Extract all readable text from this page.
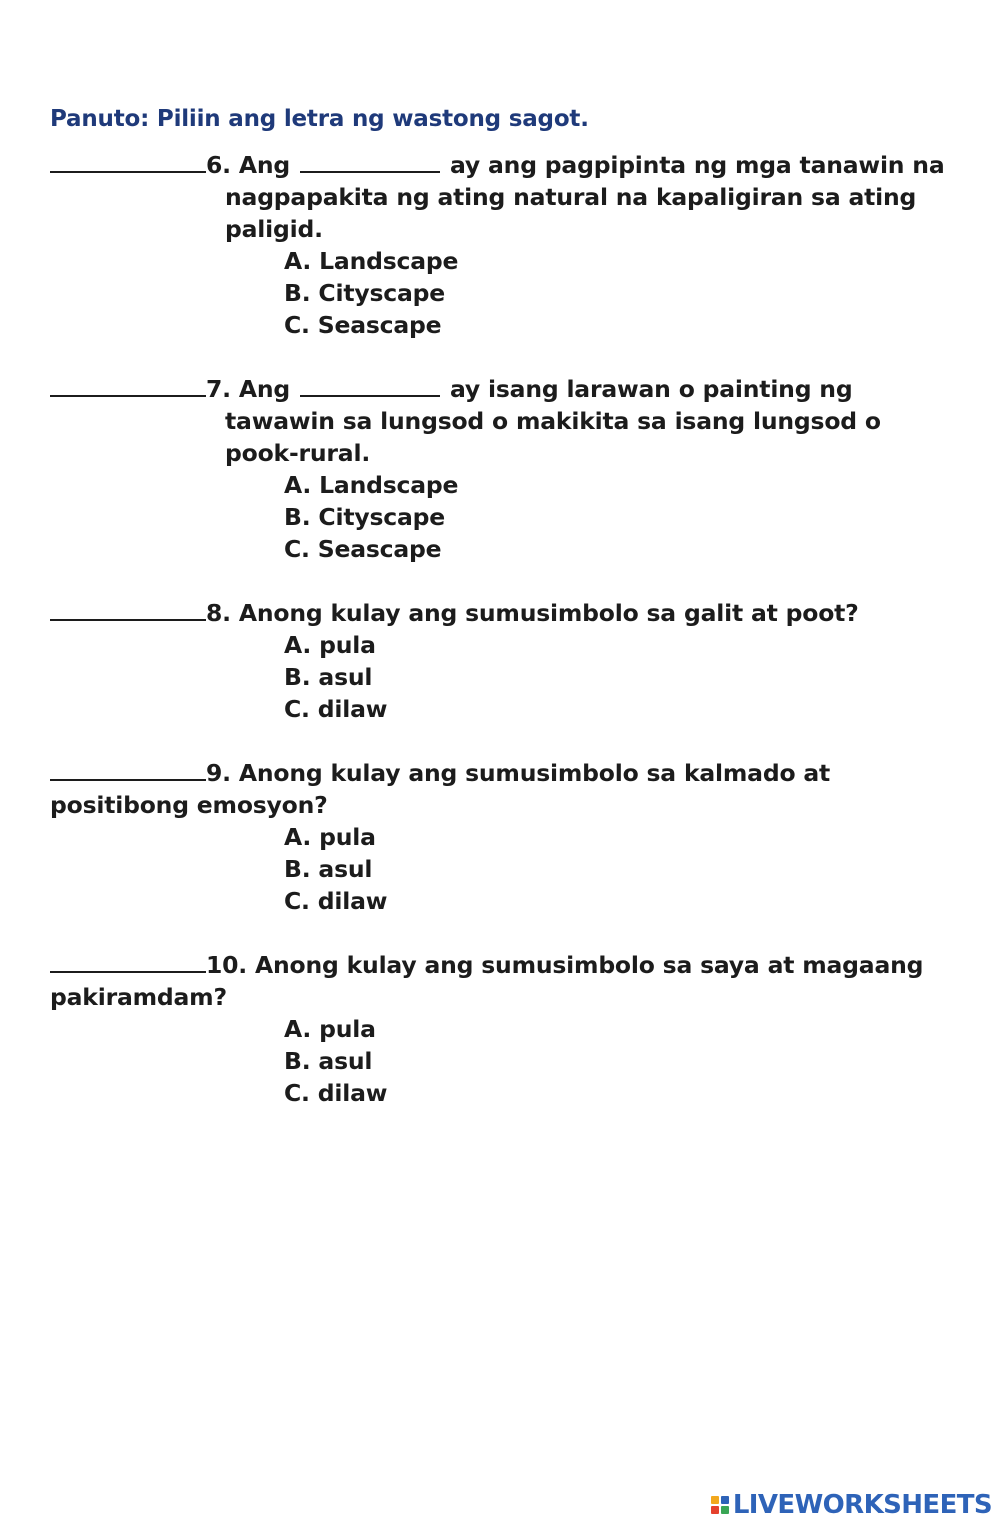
Panuto: Piliin ang letra ng wastong sagot.
6. Ang	ay ang pagpipinta ng mga tanawin na
nagpapakita ng ating natural na kapaligiran sa ating
paligid.
A. Landscape
B. Cityscape
C. Seascape
7. Ang	ay isang larawan o painting ng
tawawin sa lungsod o makikita sa isang lungsod o
pook-rural.
A. Landscape
B. Cityscape
C. Seascape
8. Anong kulay ang sumusimbolo sa galit at poot?
A. pula
B. asul
C. dilaw
9. Anong kulay ang sumusimbolo sa kalmado at
positibong emosyon?
A. pula
B. asul
C. dilaw
10. Anong kulay ang sumusimbolo sa saya at magaang
pakiramdam?
A. pula
B. asul
C. dilaw
LIVEWORKSHEETS
